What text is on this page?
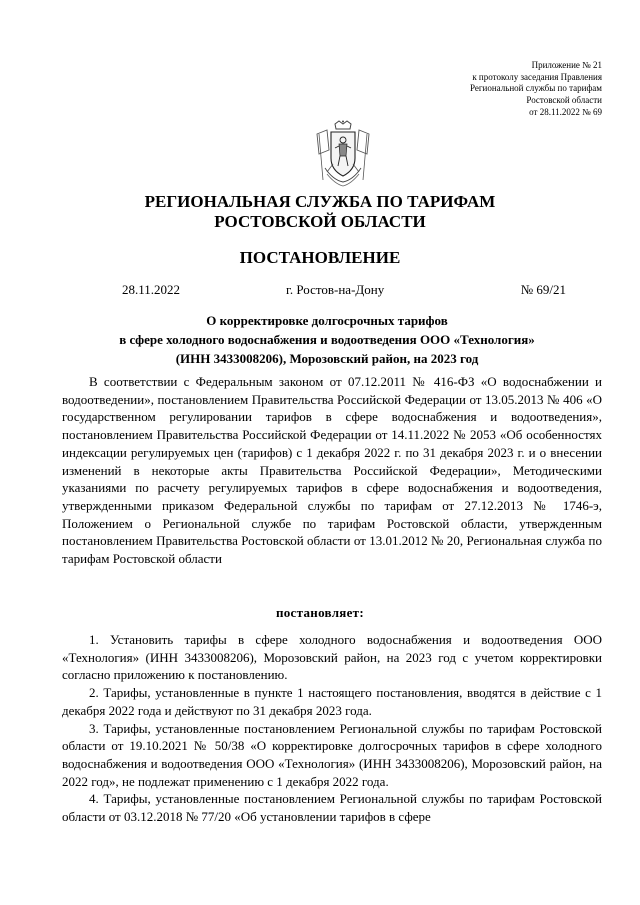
Приложение № 21
к протоколу заседания Правления
Региональной службы по тарифам
Ростовской области
от 28.11.2022 № 69
РЕГИОНАЛЬНАЯ СЛУЖБА ПО ТАРИФАМ
РОСТОВСКОЙ ОБЛАСТИ
ПОСТАНОВЛЕНИЕ
28.11.2022	г. Ростов-на-Дону	№ 69/21
О корректировке долгосрочных тарифов
в сфере холодного водоснабжения и водоотведения ООО «Технология»
(ИНН 3433008206), Морозовский район, на 2023 год

В соответствии с Федеральным законом от 07.12.2011 № 416-ФЗ «О водоснабжении и водоотведении», постановлением Правительства Российской Федерации от 13.05.2013 № 406 «О государственном регулировании тарифов в сфере водоснабжения и водоотведения», постановлением Правительства Российской Федерации от 14.11.2022 № 2053 «Об особенностях индексации регулируемых цен (тарифов) с 1 декабря 2022 г. по 31 декабря 2023 г. и о внесении изменений в некоторые акты Правительства Российской Федерации», Методическими указаниями по расчету регулируемых тарифов в сфере водоснабжения и водоотведения, утвержденными приказом Федеральной службы по тарифам от 27.12.2013 № 1746-э, Положением о Региональной службе по тарифам Ростовской области, утвержденным постановлением Правительства Ростовской области от 13.01.2012 № 20, Региональная служба по тарифам Ростовской области

постановляет:

1. Установить тарифы в сфере холодного водоснабжения и водоотведения ООО «Технология» (ИНН 3433008206), Морозовский район, на 2023 год с учетом корректировки согласно приложению к постановлению.

2. Тарифы, установленные в пункте 1 настоящего постановления, вводятся в действие с 1 декабря 2022 года и действуют по 31 декабря 2023 года.

3. Тарифы, установленные постановлением Региональной службы по тарифам Ростовской области от 19.10.2021 № 50/38 «О корректировке долгосрочных тарифов в сфере холодного водоснабжения и водоотведения ООО «Технология» (ИНН 3433008206), Морозовский район, на 2022 год», не подлежат применению с 1 декабря 2022 года.

4. Тарифы, установленные постановлением Региональной службы по тарифам Ростовской области от 03.12.2018 № 77/20 «Об установлении тарифов в сфере
